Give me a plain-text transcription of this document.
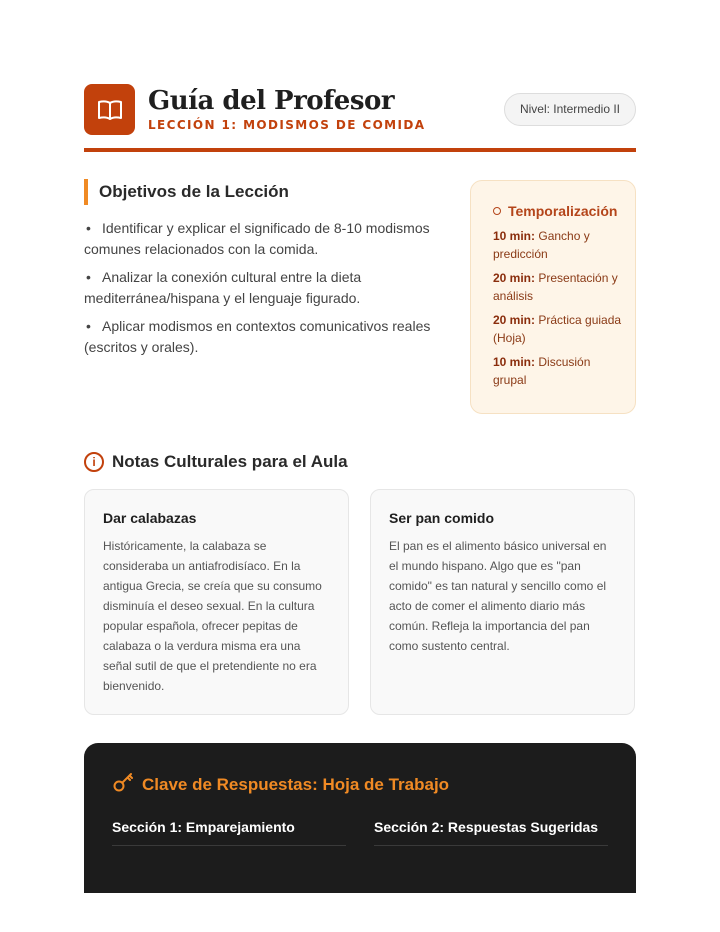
Guía del Profesor
LECCIÓN 1: MODISMOS DE COMIDA
Nivel: Intermedio II
Objetivos de la Lección
• Identificar y explicar el significado de 8-10 modismos comunes relacionados con la comida.
• Analizar la conexión cultural entre la dieta mediterránea/hispana y el lenguaje figurado.
• Aplicar modismos en contextos comunicativos reales (escritos y orales).
Temporalización
10 min: Gancho y predicción
20 min: Presentación y análisis
20 min: Práctica guiada (Hoja)
10 min: Discusión grupal
i Notas Culturales para el Aula
Dar calabazas
Históricamente, la calabaza se consideraba un antiafrodisíaco. En la antigua Grecia, se creía que su consumo disminuía el deseo sexual. En la cultura popular española, ofrecer pepitas de calabaza o la verdura misma era una señal sutil de que el pretendiente no era bienvenido.
Ser pan comido
El pan es el alimento básico universal en el mundo hispano. Algo que es "pan comido" es tan natural y sencillo como el acto de comer el alimento diario más común. Refleja la importancia del pan como sustento central.
Clave de Respuestas: Hoja de Trabajo
Sección 1: Emparejamiento	Sección 2: Respuestas Sugeridas
